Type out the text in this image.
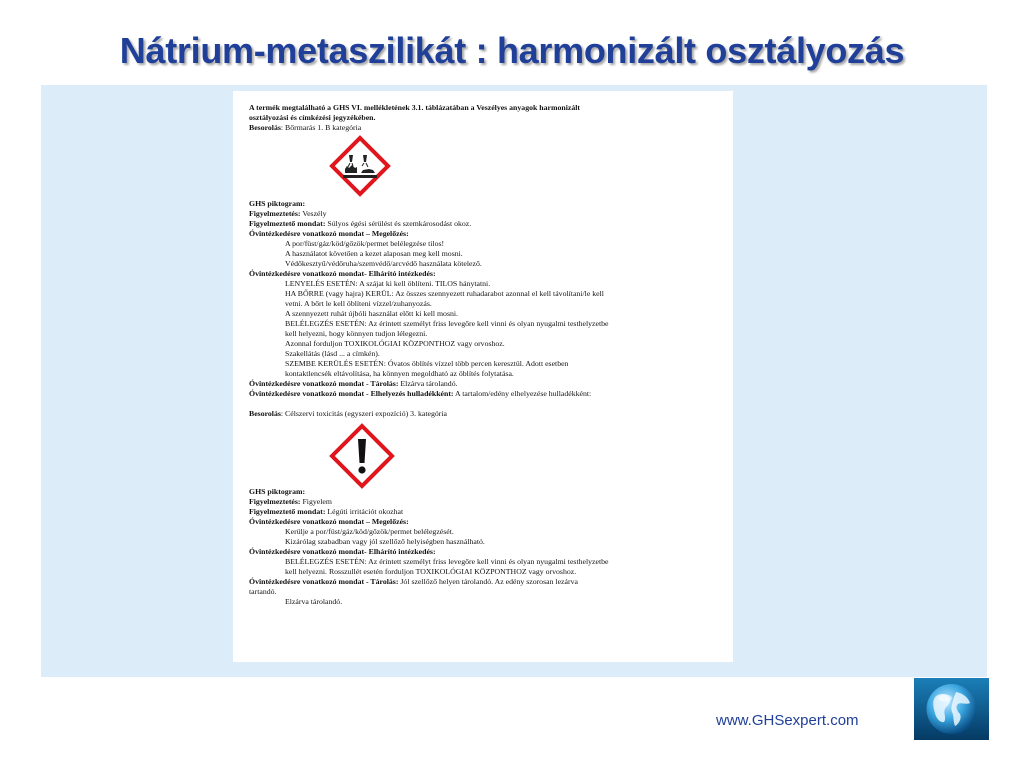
Nátrium-metaszilikát : harmonizált osztályozás

A termék megtalálható a GHS VI. mellékletének 3.1. táblázatában a Veszélyes anyagok harmonizált

osztályozási és címkézési jegyzékében.

Besorolás: Bőrmarás 1. B kategória

GHS piktogram:

Figyelmeztetés: Veszély

Figyelmeztető mondat: Súlyos égési sérülést és szemkárosodást okoz.

Óvintézkedésre vonatkozó mondat – Megelőzés:

A por/füst/gáz/köd/gőzök/permet belélegzése tilos!

A használatot követően a kezet alaposan meg kell mosni.

Védőkesztyű/védőruha/szemvédő/arcvédő használata kötelező.

Óvintézkedésre vonatkozó mondat- Elhárító intézkedés:

LENYELÉS ESETÉN: A szájat ki kell öblíteni. TILOS hánytatni.

HA BŐRRE (vagy hajra) KERÜL: Az összes szennyezett ruhadarabot azonnal el kell távolítani/le kell

vetni. A bőrt le kell öblíteni vízzel/zuhanyozás.

A szennyezett ruhát újbóli használat előtt ki kell mosni.

BELÉLEGZÉS ESETÉN: Az érintett személyt friss levegőre kell vinni és olyan nyugalmi testhelyzetbe

kell helyezni, hogy könnyen tudjon lélegezni.

Azonnal forduljon TOXIKOLÓGIAI KÖZPONTHOZ vagy orvoshoz.

Szakellátás (lásd ... a címkén).

SZEMBE KERÜLÉS ESETÉN: Óvatos öblítés vízzel több percen keresztül. Adott esetben

kontaktlencsék eltávolítása, ha könnyen megoldható az öblítés folytatása.

Óvintézkedésre vonatkozó mondat - Tárolás: Elzárva tárolandó.

Óvintézkedésre vonatkozó mondat - Elhelyezés hulladékként: A tartalom/edény elhelyezése hulladékként:

Besorolás: Célszervi toxicitás (egyszeri expozíció) 3. kategória

GHS piktogram:

Figyelmeztetés: Figyelem

Figyelmeztető mondat: Légúti irritációt okozhat

Óvintézkedésre vonatkozó mondat – Megelőzés:

Kerülje a por/füst/gáz/köd/gőzök/permet belélegzését.

Kizárólag szabadban vagy jól szellőző helyiségben használható.

Óvintézkedésre vonatkozó mondat- Elhárító intézkedés:

BELÉLEGZÉS ESETÉN: Az érintett személyt friss levegőre kell vinni és olyan nyugalmi testhelyzetbe

kell helyezni. Rosszullét esetén forduljon TOXIKOLÓGIAI KÖZPONTHOZ vagy orvoshoz.

Óvintézkedésre vonatkozó mondat - Tárolás: Jól szellőző helyen tárolandó. Az edény szorosan lezárva

tartandó.

Elzárva tárolandó.

www.GHSexpert.com
